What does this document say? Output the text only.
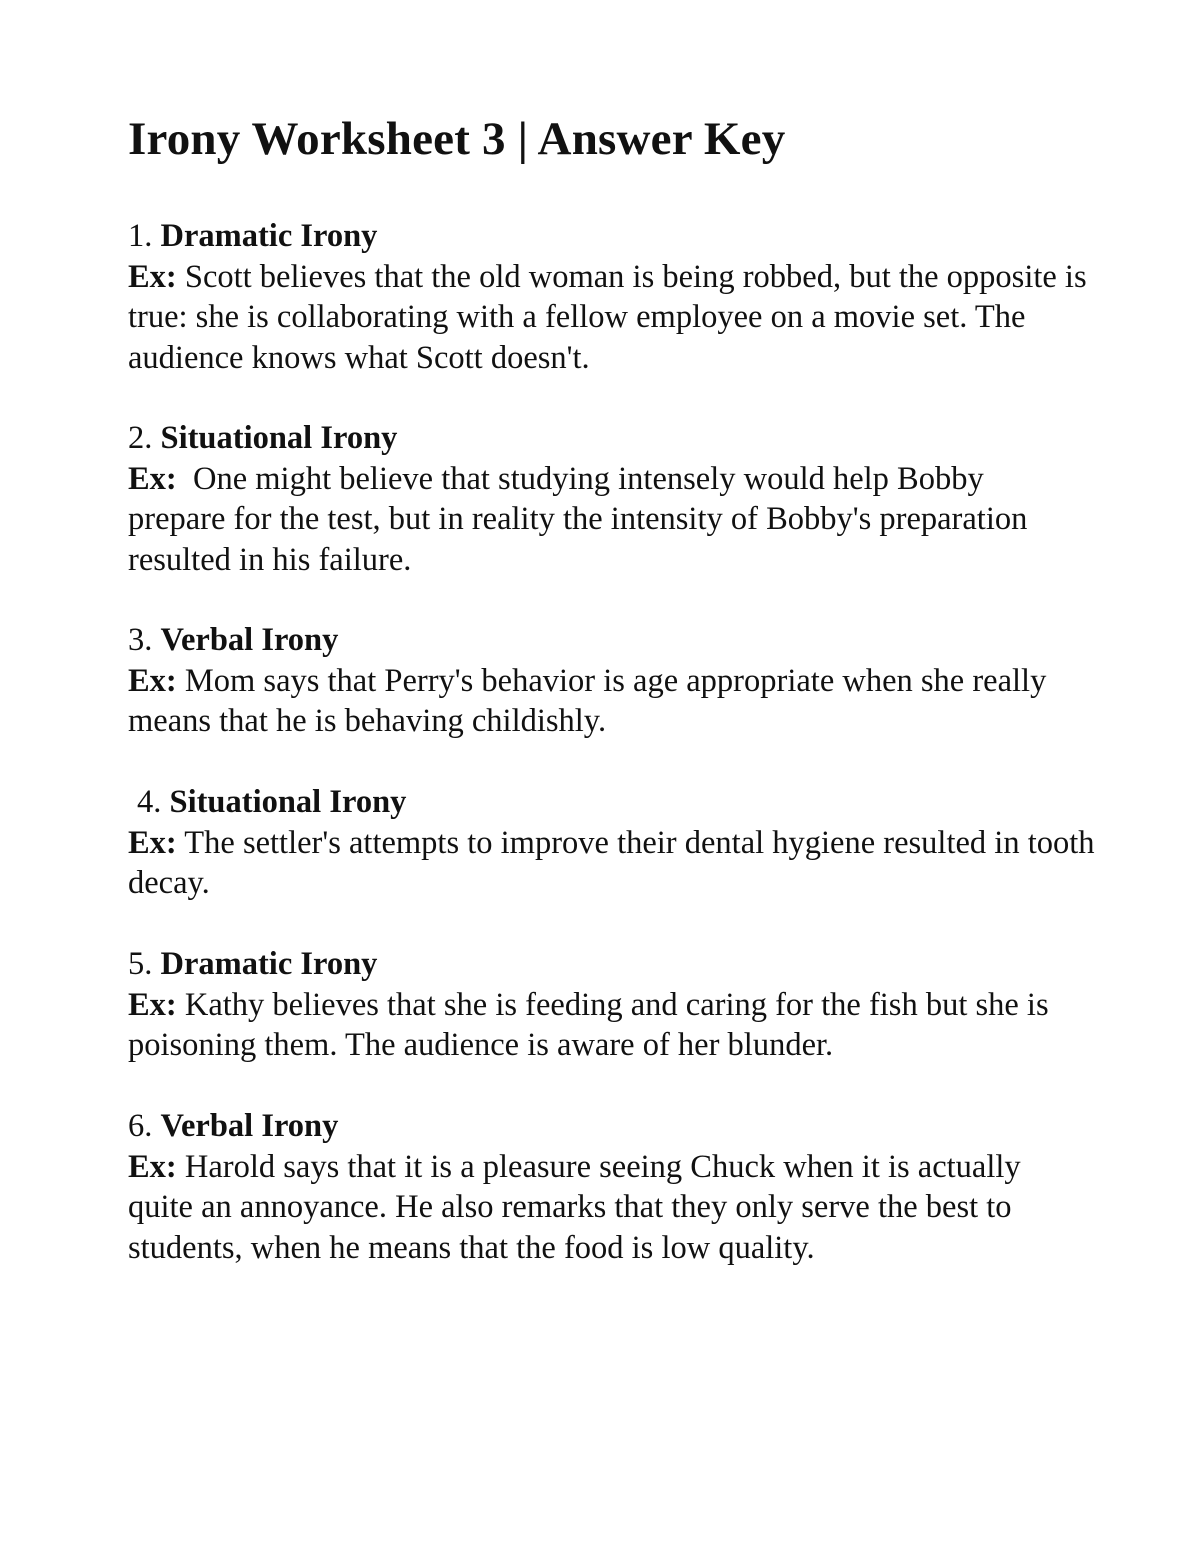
Irony Worksheet 3 | Answer Key
1. Dramatic Irony

Ex: Scott believes that the old woman is being robbed, but the opposite is true: she is collaborating with a fellow employee on a movie set. The audience knows what Scott doesn't.

2. Situational Irony

Ex: One might believe that studying intensely would help Bobby prepare for the test, but in reality the intensity of Bobby's preparation resulted in his failure.

3. Verbal Irony

Ex: Mom says that Perry's behavior is age appropriate when she really means that he is behaving childishly.

4. Situational Irony

Ex: The settler's attempts to improve their dental hygiene resulted in tooth decay.

5. Dramatic Irony

Ex: Kathy believes that she is feeding and caring for the fish but she is poisoning them. The audience is aware of her blunder.

6. Verbal Irony

Ex: Harold says that it is a pleasure seeing Chuck when it is actually quite an annoyance. He also remarks that they only serve the best to students, when he means that the food is low quality.
